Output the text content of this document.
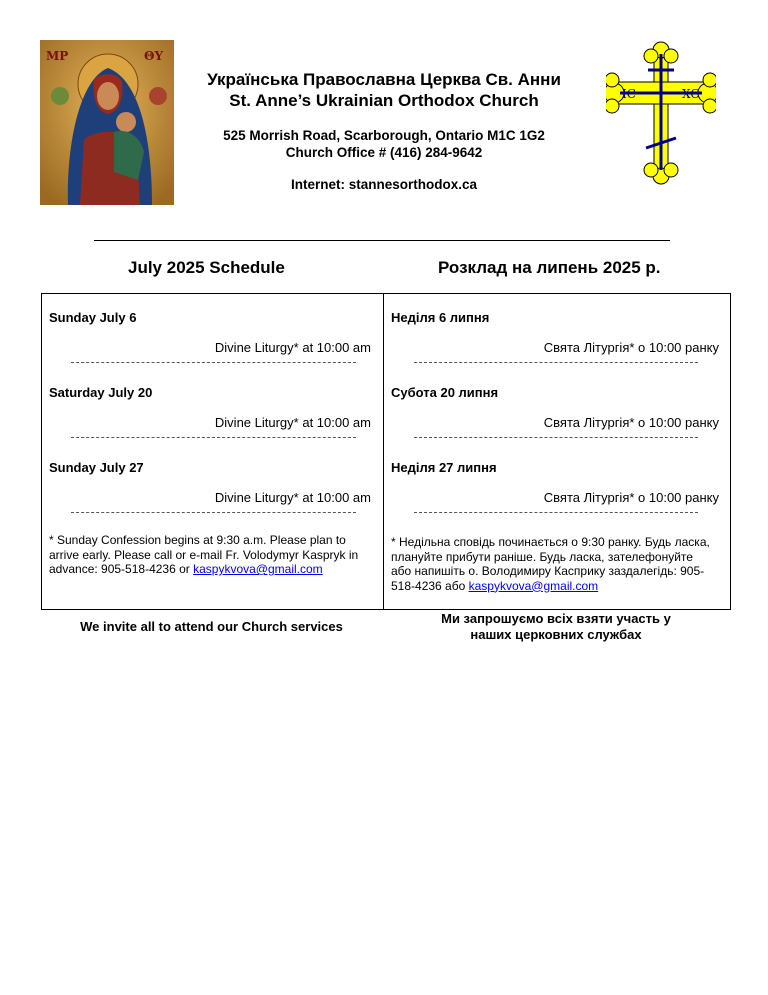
МР	ΘΥ
Українська Православна Церква Св. Анни
St. Anne’s Ukrainian Orthodox Church
525 Morrish Road, Scarborough, Ontario M1C 1G2
Church Office # (416) 284-9642
Internet: stannesorthodox.ca
IC	XC
July 2025 Schedule	Розклад на липень 2025 р.
Sunday July 6
Divine Liturgy* at 10:00 am
Saturday July 20
Divine Liturgy* at 10:00 am
Sunday July 27
Divine Liturgy* at 10:00 am
* Sunday Confession begins at 9:30 a.m. Please plan to arrive early. Please call or e-mail Fr. Volodymyr Kaspryk in advance: 905-518-4236 or kaspykvova@gmail.com
Неділя 6 липня
Свята Літургія* о 10:00 ранку
Субота 20 липня
Свята Літургія* о 10:00 ранку
Неділя 27 липня
Свята Літургія* о 10:00 ранку
* Недільна сповідь починається о 9:30 ранку. Будь ласка, плануйте прибути раніше. Будь ласка, зателефонуйте або напишіть о. Володимиру Касприку заздалегідь: 905-518-4236 або kaspykvova@gmail.com
We invite all to attend our Church services
Ми запрошуємо всіх взяти участь у
наших церковних службах
